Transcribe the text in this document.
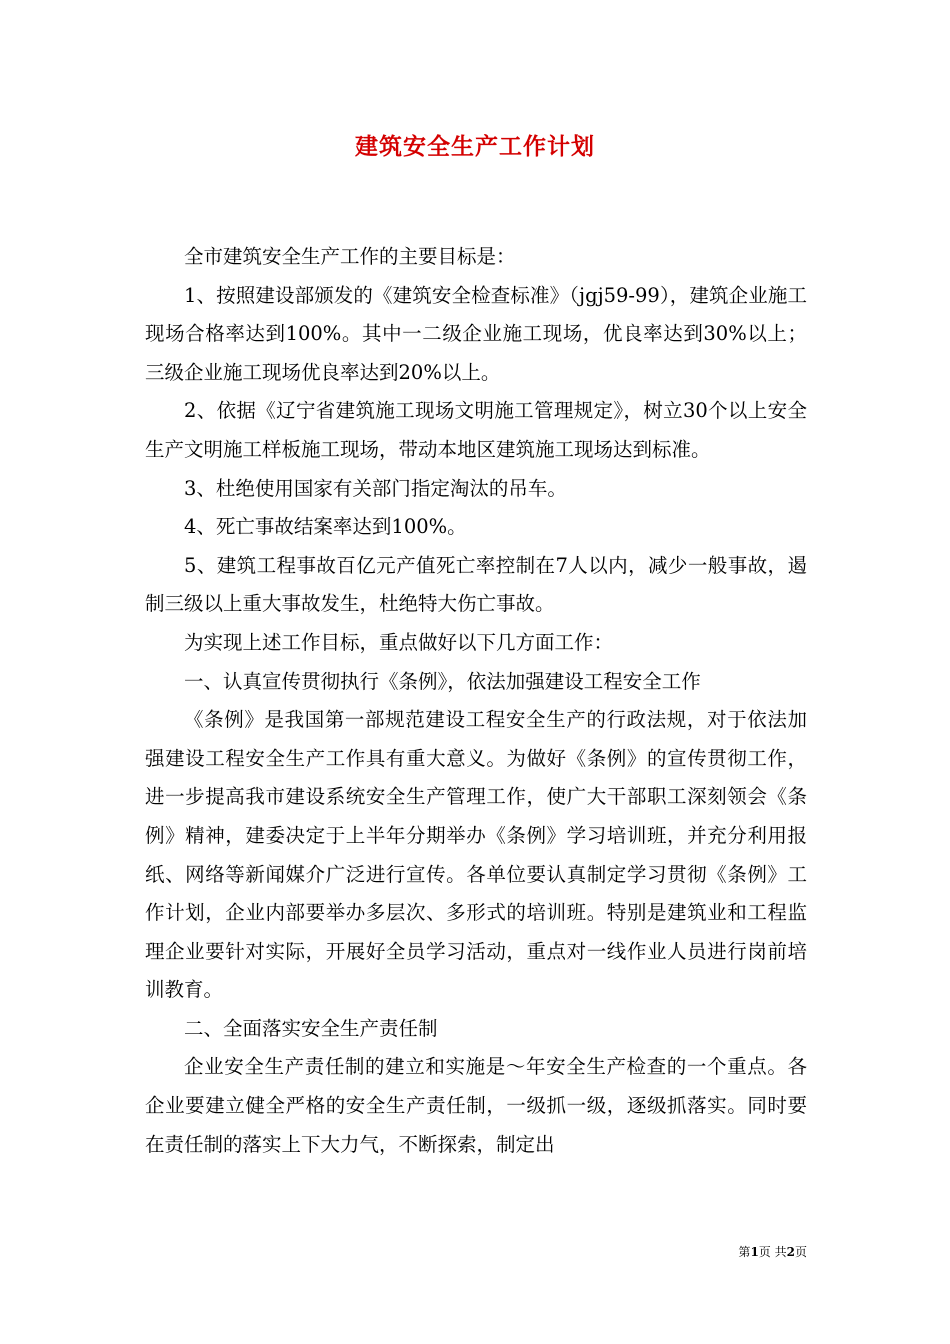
建筑安全生产工作计划

全市建筑安全生产工作的主要目标是：

1、按照建设部颁发的《建筑安全检查标准》（jgj59-99），建筑企业施工现场合格率达到100%。其中一二级企业施工现场，优良率达到30%以上；三级企业施工现场优良率达到20%以上。

2、依据《辽宁省建筑施工现场文明施工管理规定》，树立30个以上安全生产文明施工样板施工现场，带动本地区建筑施工现场达到标准。

3、杜绝使用国家有关部门指定淘汰的吊车。

4、死亡事故结案率达到100%。

5、建筑工程事故百亿元产值死亡率控制在7人以内，减少一般事故，遏制三级以上重大事故发生，杜绝特大伤亡事故。

为实现上述工作目标，重点做好以下几方面工作：

一、认真宣传贯彻执行《条例》，依法加强建设工程安全工作

《条例》是我国第一部规范建设工程安全生产的行政法规，对于依法加强建设工程安全生产工作具有重大意义。为做好《条例》的宣传贯彻工作，进一步提高我市建设系统安全生产管理工作，使广大干部职工深刻领会《条例》精神，建委决定于上半年分期举办《条例》学习培训班，并充分利用报纸、网络等新闻媒介广泛进行宣传。各单位要认真制定学习贯彻《条例》工作计划，企业内部要举办多层次、多形式的培训班。特别是建筑业和工程监理企业要针对实际，开展好全员学习活动，重点对一线作业人员进行岗前培训教育。

二、全面落实安全生产责任制

企业安全生产责任制的建立和实施是～年安全生产检查的一个重点。各企业要建立健全严格的安全生产责任制，一级抓一级，逐级抓落实。同时要在责任制的落实上下大力气，不断探索，制定出

第1页 共2页
